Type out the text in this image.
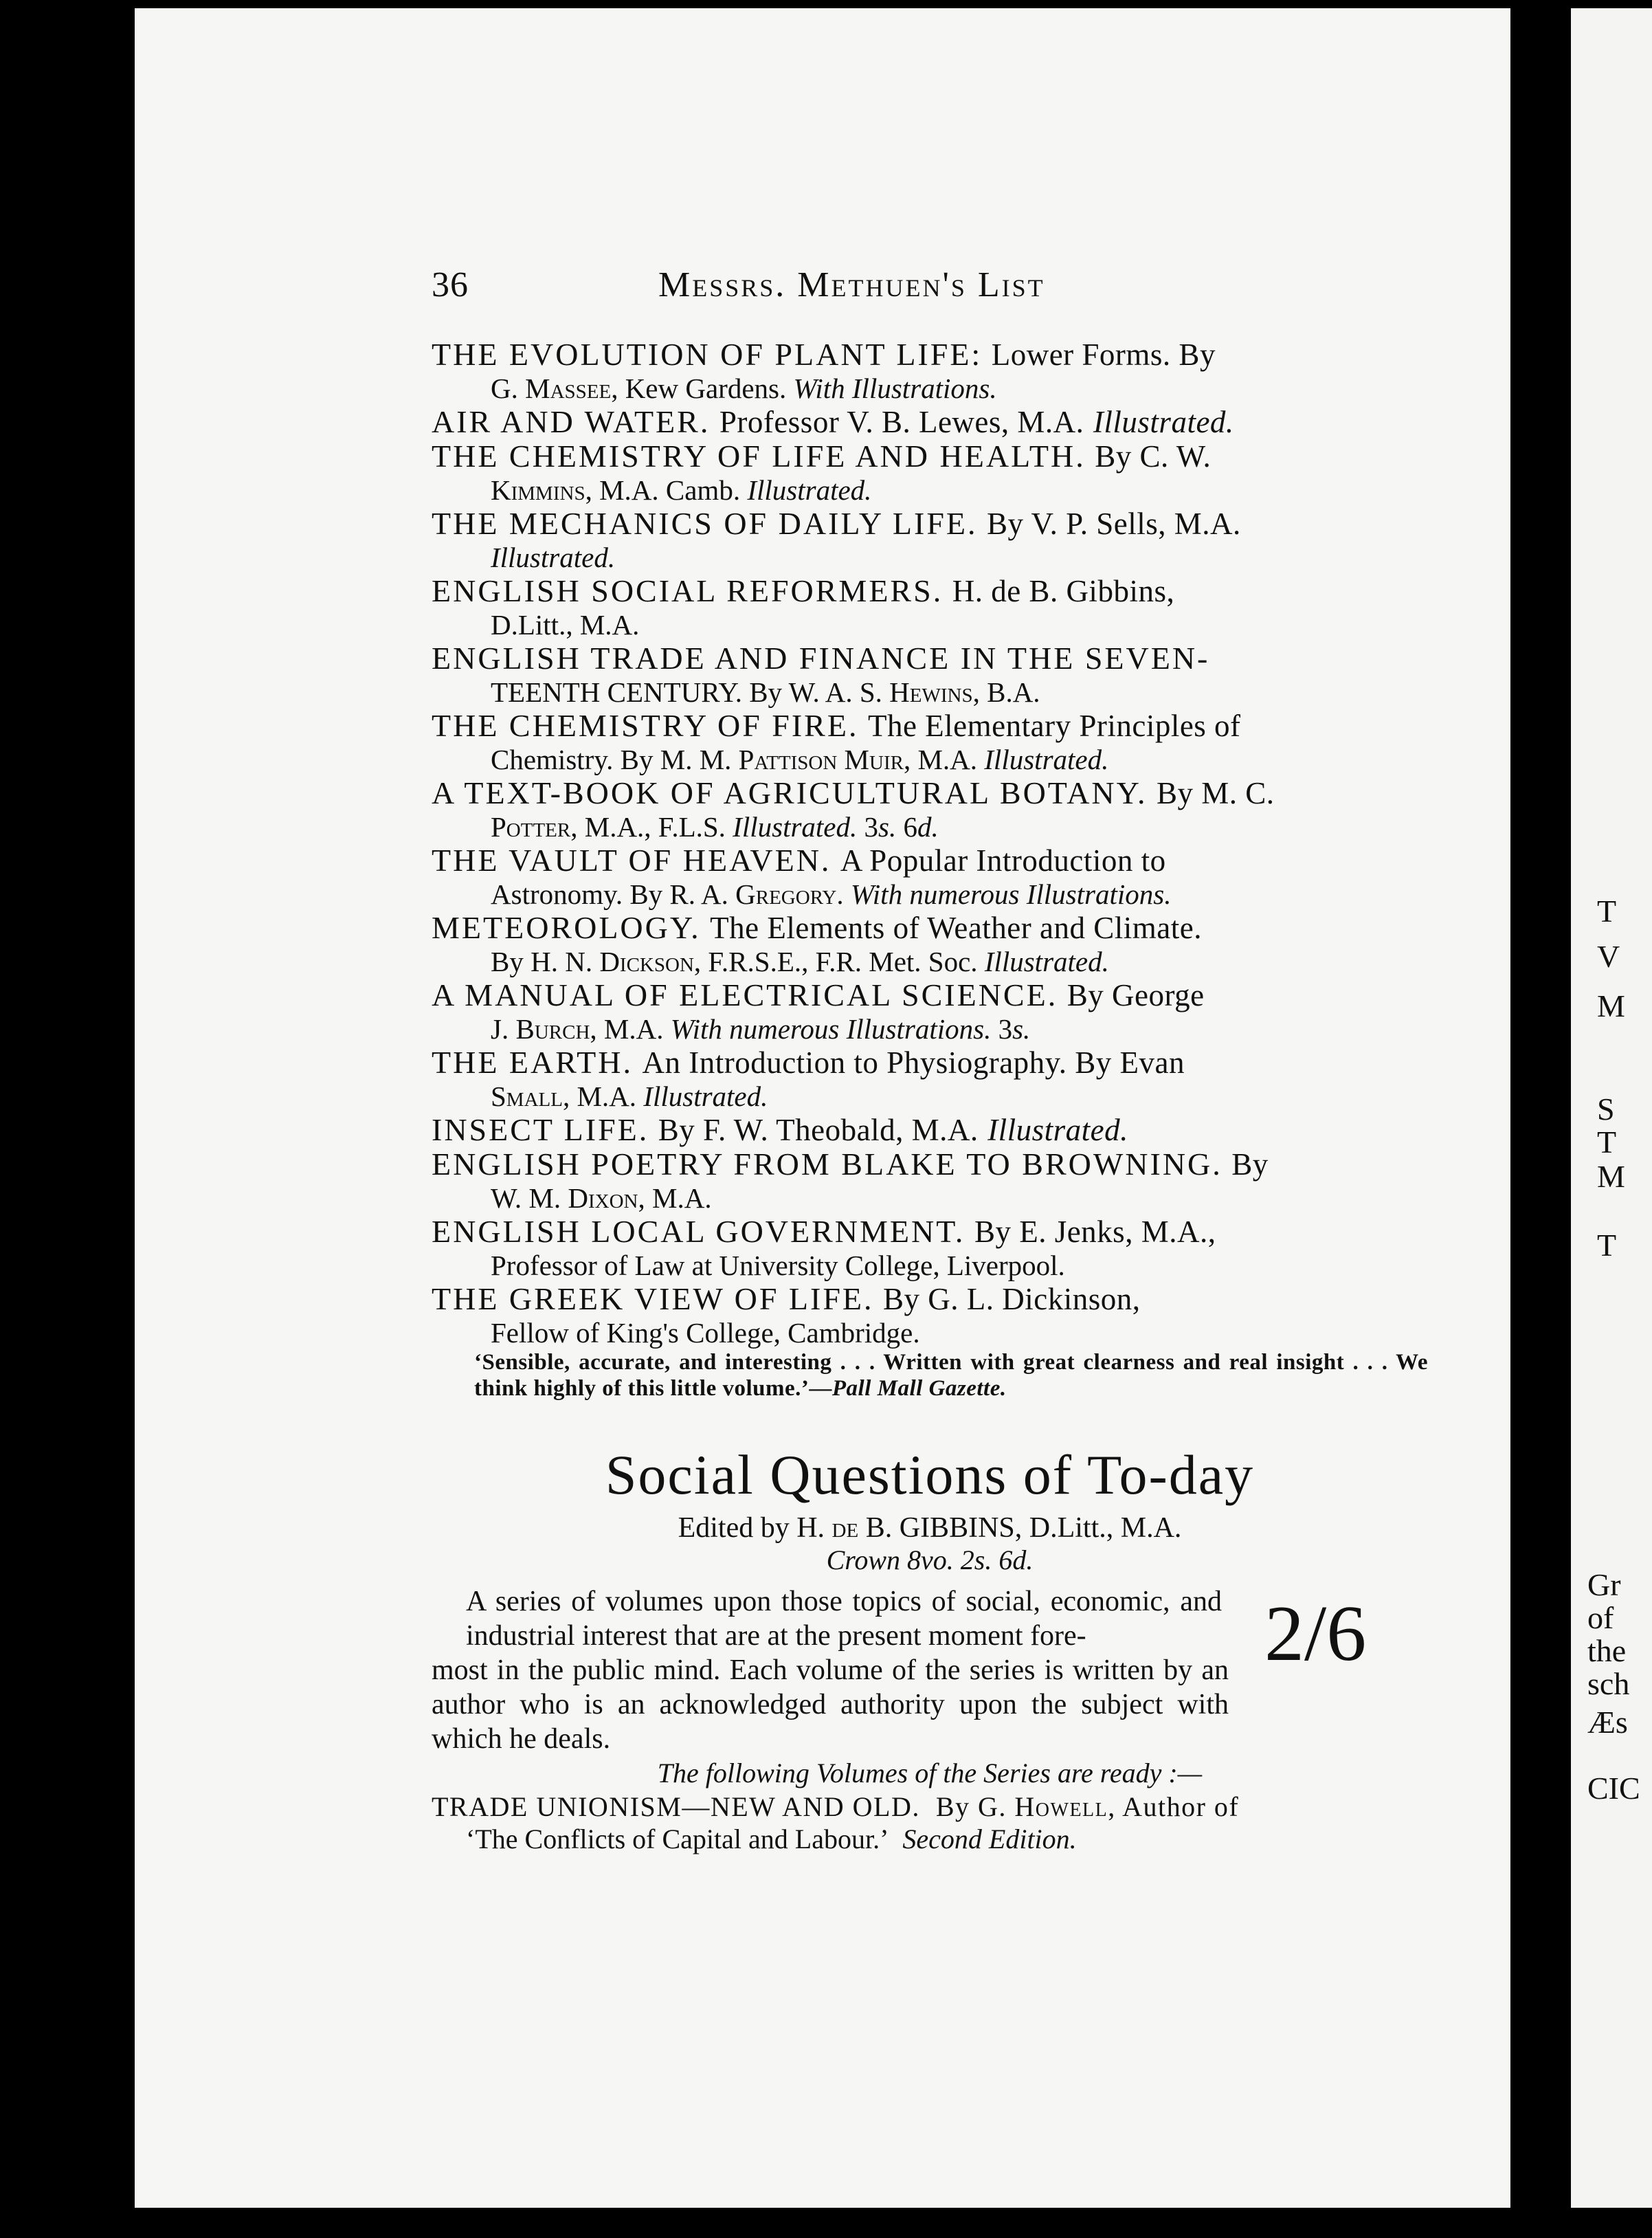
T
V
M
S
T
M
T
Gr
of
the
sch
Æs
CIC
36	Messrs. Methuen's List
THE EVOLUTION OF PLANT LIFE: Lower Forms. By
G. Massee, Kew Gardens. With Illustrations.
AIR AND WATER. Professor V. B. Lewes, M.A. Illustrated.
THE CHEMISTRY OF LIFE AND HEALTH. By C. W.
Kimmins, M.A. Camb. Illustrated.
THE MECHANICS OF DAILY LIFE. By V. P. Sells, M.A.
Illustrated.
ENGLISH SOCIAL REFORMERS. H. de B. Gibbins,
D.Litt., M.A.
ENGLISH TRADE AND FINANCE IN THE SEVEN-
TEENTH CENTURY. By W. A. S. Hewins, B.A.
THE CHEMISTRY OF FIRE. The Elementary Principles of
Chemistry. By M. M. Pattison Muir, M.A. Illustrated.
A TEXT-BOOK OF AGRICULTURAL BOTANY. By M. C.
Potter, M.A., F.L.S. Illustrated. 3s. 6d.
THE VAULT OF HEAVEN. A Popular Introduction to
Astronomy. By R. A. Gregory. With numerous Illustrations.
METEOROLOGY. The Elements of Weather and Climate.
By H. N. Dickson, F.R.S.E., F.R. Met. Soc. Illustrated.
A MANUAL OF ELECTRICAL SCIENCE. By George
J. Burch, M.A. With numerous Illustrations. 3s.
THE EARTH. An Introduction to Physiography. By Evan
Small, M.A. Illustrated.
INSECT LIFE. By F. W. Theobald, M.A. Illustrated.
ENGLISH POETRY FROM BLAKE TO BROWNING. By
W. M. Dixon, M.A.
ENGLISH LOCAL GOVERNMENT. By E. Jenks, M.A.,
Professor of Law at University College, Liverpool.
THE GREEK VIEW OF LIFE. By G. L. Dickinson,
Fellow of King's College, Cambridge.
‘Sensible, accurate, and interesting . . . Written with great clearness and real insight . . . We think highly of this little volume.’—Pall Mall Gazette.
Social Questions of To-day
Edited by H. de B. GIBBINS, D.Litt., M.A.
Crown 8vo. 2s. 6d.
2/6
A series of volumes upon those topics of social, economic, and industrial interest that are at the present moment fore-
most in the public mind. Each volume of the series is written by an author who is an acknowledged authority upon the subject with which he deals.
The following Volumes of the Series are ready :—
TRADE UNIONISM—NEW AND OLD. By G. Howell, Author of
‘The Conflicts of Capital and Labour.’ Second Edition.
